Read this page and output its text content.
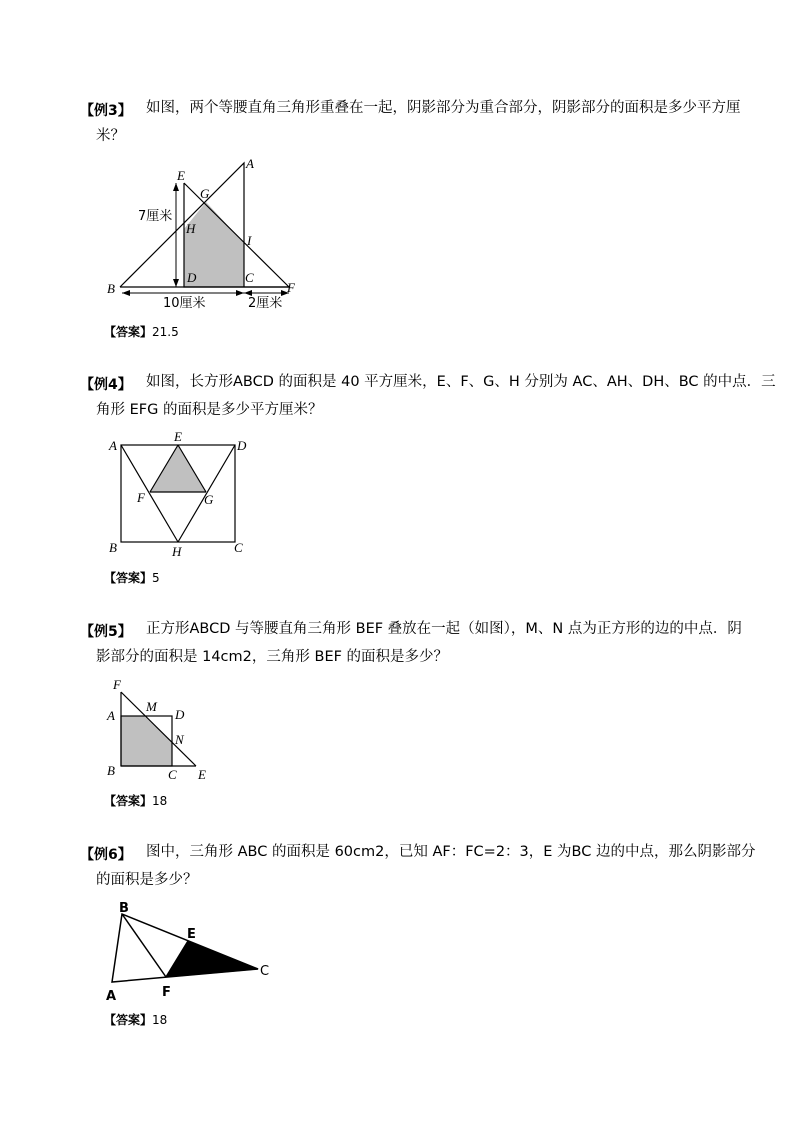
【例3】 如图，两个等腰直角三角形重叠在一起，阴影部分为重合部分，阴影部分的面积是多少平方厘
米？
E
A
G
H
I
B
D	C
F
7厘米
10厘米	2厘米
【答案】21.5
【例4】 如图，长方形ABCD 的面积是 40 平方厘米，E、F、G、H 分别为 AC、AH、DH、BC 的中点．三
角形 EFG 的面积是多少平方厘米？
A
E
D
F	G
B	H	C
【答案】5
【例5】 正方形ABCD 与等腰直角三角形 BEF 叠放在一起（如图），M、N 点为正方形的边的中点．阴
影部分的面积是 14cm2，三角形 BEF 的面积是多少？
F
A
M
D
N
B	C E
【答案】18
【例6】 图中，三角形 ABC 的面积是 60cm2，已知 AF：FC=2：3，E 为BC 边的中点，那么阴影部分
的面积是多少？
B
E
C
A	F
【答案】18
